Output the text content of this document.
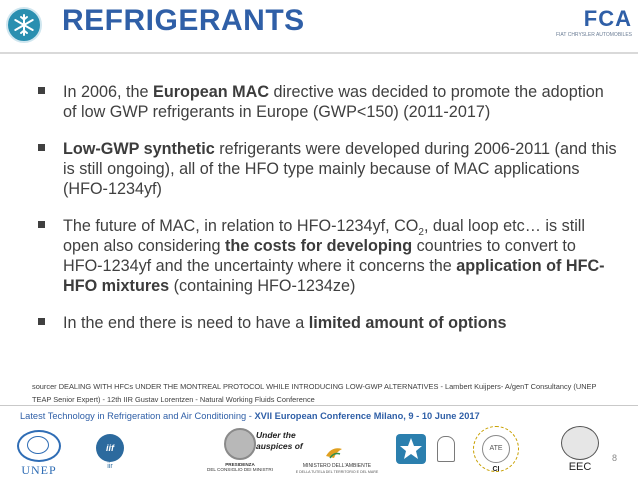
REFRIGERANTS	FCA
FIAT CHRYSLER AUTOMOBILES
In 2006, the European MAC directive was decided to promote the adoption of low GWP refrigerants in Europe (GWP<150) (2011-2017)
Low-GWP synthetic refrigerants were developed during 2006-2011 (and this is still ongoing), all of the HFO type mainly because of MAC applications (HFO-1234yf)
The future of MAC, in relation to HFO-1234yf, $CO_2$, dual loop etc… is still open also considering the costs for developing countries to convert to HFO-1234yf and the uncertainty where it concerns the application of HFC-HFO mixtures (containing HFO-1234ze)
In the end there is need to have a limited amount of options
sourcer DEALING WITH HFCs UNDER THE MONTREAL PROTOCOL WHILE INTRODUCING LOW-GWP ALTERNATIVES - Lambert Kuijpers- A/genT Consultancy (UNEP TEAP Senior Expert) - 12th IIR Gustav Lorentzen - Natural Working Fluids Conference
Latest Technology in Refrigeration and Air Conditioning - XVII European Conference Milano, 9 - 10 June 2017
UNEP
iif
iir	PRESIDENZA
DEL CONSIGLIO DEI MINISTRI
Under the auspices of
MINISTERO DELL'AMBIENTE
E DELLA TUTELA DEL TERRITORIO E DEL MARE
ATE
CI	EEC
8
